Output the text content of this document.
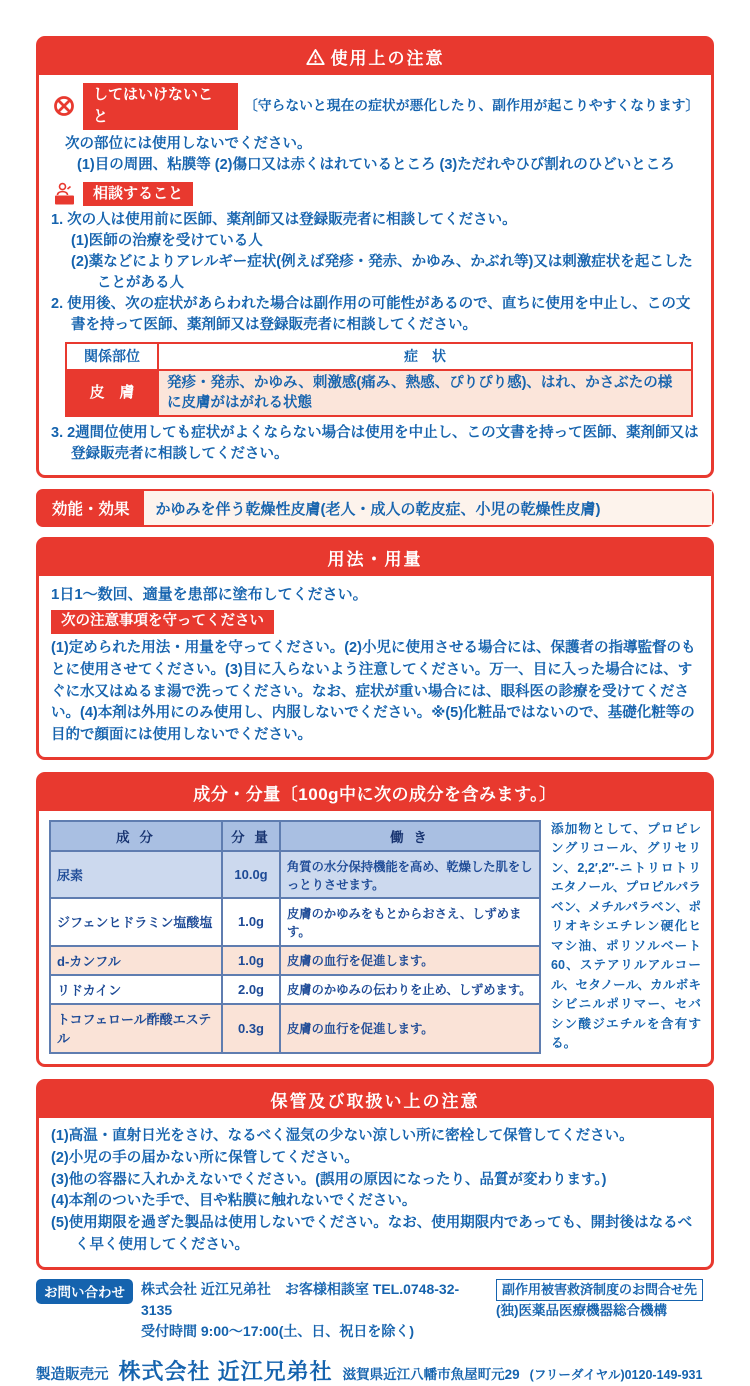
使用上の注意
してはいけないこと
〔守らないと現在の症状が悪化したり、副作用が起こりやすくなります〕
次の部位には使用しないでください。
(1)目の周囲、粘膜等 (2)傷口又は赤くはれているところ (3)ただれやひび割れのひどいところ
相談すること
1. 次の人は使用前に医師、薬剤師又は登録販売者に相談してください。
(1)医師の治療を受けている人
(2)薬などによりアレルギー症状(例えば発疹・発赤、かゆみ、かぶれ等)又は刺激症状を起こしたことがある人
2. 使用後、次の症状があらわれた場合は副作用の可能性があるので、直ちに使用を中止し、この文書を持って医師、薬剤師又は登録販売者に相談してください。
関係部位	症　状
皮　膚	発疹・発赤、かゆみ、刺激感(痛み、熱感、ぴりぴり感)、はれ、かさぶたの様に皮膚がはがれる状態
3. 2週間位使用しても症状がよくならない場合は使用を中止し、この文書を持って医師、薬剤師又は登録販売者に相談してください。
効能・効果	かゆみを伴う乾燥性皮膚(老人・成人の乾皮症、小児の乾燥性皮膚)
用法・用量
1日1〜数回、適量を患部に塗布してください。
次の注意事項を守ってください
(1)定められた用法・用量を守ってください。(2)小児に使用させる場合には、保護者の指導監督のもとに使用させてください。(3)目に入らないよう注意してください。万一、目に入った場合には、すぐに水又はぬるま湯で洗ってください。なお、症状が重い場合には、眼科医の診療を受けてください。(4)本剤は外用にのみ使用し、内服しないでください。※(5)化粧品ではないので、基礎化粧等の目的で顔面には使用しないでください。
成分・分量〔100g中に次の成分を含みます。〕
成 分	分 量	働 き
尿素	10.0g	角質の水分保持機能を高め、乾燥した肌をしっとりさせます。
ジフェンヒドラミン塩酸塩	1.0g	皮膚のかゆみをもとからおさえ、しずめます。
d-カンフル	1.0g	皮膚の血行を促進します。
リドカイン	2.0g	皮膚のかゆみの伝わりを止め、しずめます。
トコフェロール酢酸エステル	0.3g	皮膚の血行を促進します。
添加物として、プロピレングリコール、グリセリン、2,2′,2″-ニトリロトリエタノール、プロピルパラベン、メチルパラベン、ポリオキシエチレン硬化ヒマシ油、ポリソルベート60、ステアリルアルコール、セタノール、カルボキシビニルポリマー、セバシン酸ジエチルを含有する。
保管及び取扱い上の注意
(1)高温・直射日光をさけ、なるべく湿気の少ない涼しい所に密栓して保管してください。
(2)小児の手の届かない所に保管してください。
(3)他の容器に入れかえないでください。(誤用の原因になったり、品質が変わります。)
(4)本剤のついた手で、目や粘膜に触れないでください。
(5)使用期限を過ぎた製品は使用しないでください。なお、使用期限内であっても、開封後はなるべく早く使用してください。
お問い合わせ	株式会社 近江兄弟社　お客様相談室 TEL.0748-32-3135
受付時間 9:00〜17:00(土、日、祝日を除く)
副作用被害救済制度のお問合せ先
(独)医薬品医療機器総合機構
製造販売元 株式会社 近江兄弟社 滋賀県近江八幡市魚屋町元29 (フリーダイヤル)0120-149-931
